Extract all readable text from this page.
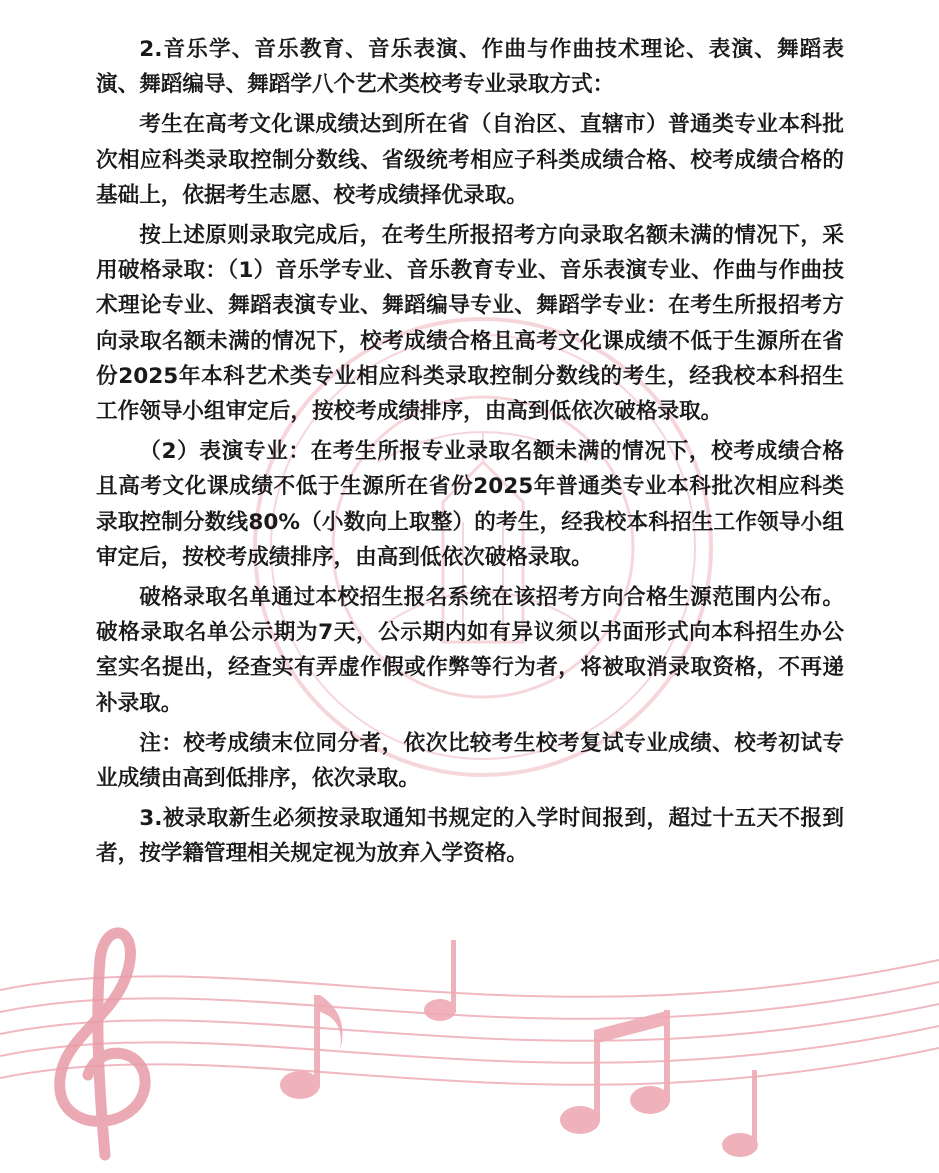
2.音乐学、音乐教育、音乐表演、作曲与作曲技术理论、表演、舞蹈表演、舞蹈编导、舞蹈学八个艺术类校考专业录取方式：

考生在高考文化课成绩达到所在省（自治区、直辖市）普通类专业本科批次相应科类录取控制分数线、省级统考相应子科类成绩合格、校考成绩合格的基础上，依据考生志愿、校考成绩择优录取。

按上述原则录取完成后，在考生所报招考方向录取名额未满的情况下，采用破格录取：（1）音乐学专业、音乐教育专业、音乐表演专业、作曲与作曲技术理论专业、舞蹈表演专业、舞蹈编导专业、舞蹈学专业：在考生所报招考方向录取名额未满的情况下，校考成绩合格且高考文化课成绩不低于生源所在省份2025年本科艺术类专业相应科类录取控制分数线的考生，经我校本科招生工作领导小组审定后，按校考成绩排序，由高到低依次破格录取。

（2）表演专业：在考生所报专业录取名额未满的情况下，校考成绩合格且高考文化课成绩不低于生源所在省份2025年普通类专业本科批次相应科类录取控制分数线80%（小数向上取整）的考生，经我校本科招生工作领导小组审定后，按校考成绩排序，由高到低依次破格录取。

破格录取名单通过本校招生报名系统在该招考方向合格生源范围内公布。破格录取名单公示期为7天，公示期内如有异议须以书面形式向本科招生办公室实名提出，经查实有弄虚作假或作弊等行为者，将被取消录取资格，不再递补录取。

注：校考成绩末位同分者，依次比较考生校考复试专业成绩、校考初试专业成绩由高到低排序，依次录取。

3.被录取新生必须按录取通知书规定的入学时间报到，超过十五天不报到者，按学籍管理相关规定视为放弃入学资格。
